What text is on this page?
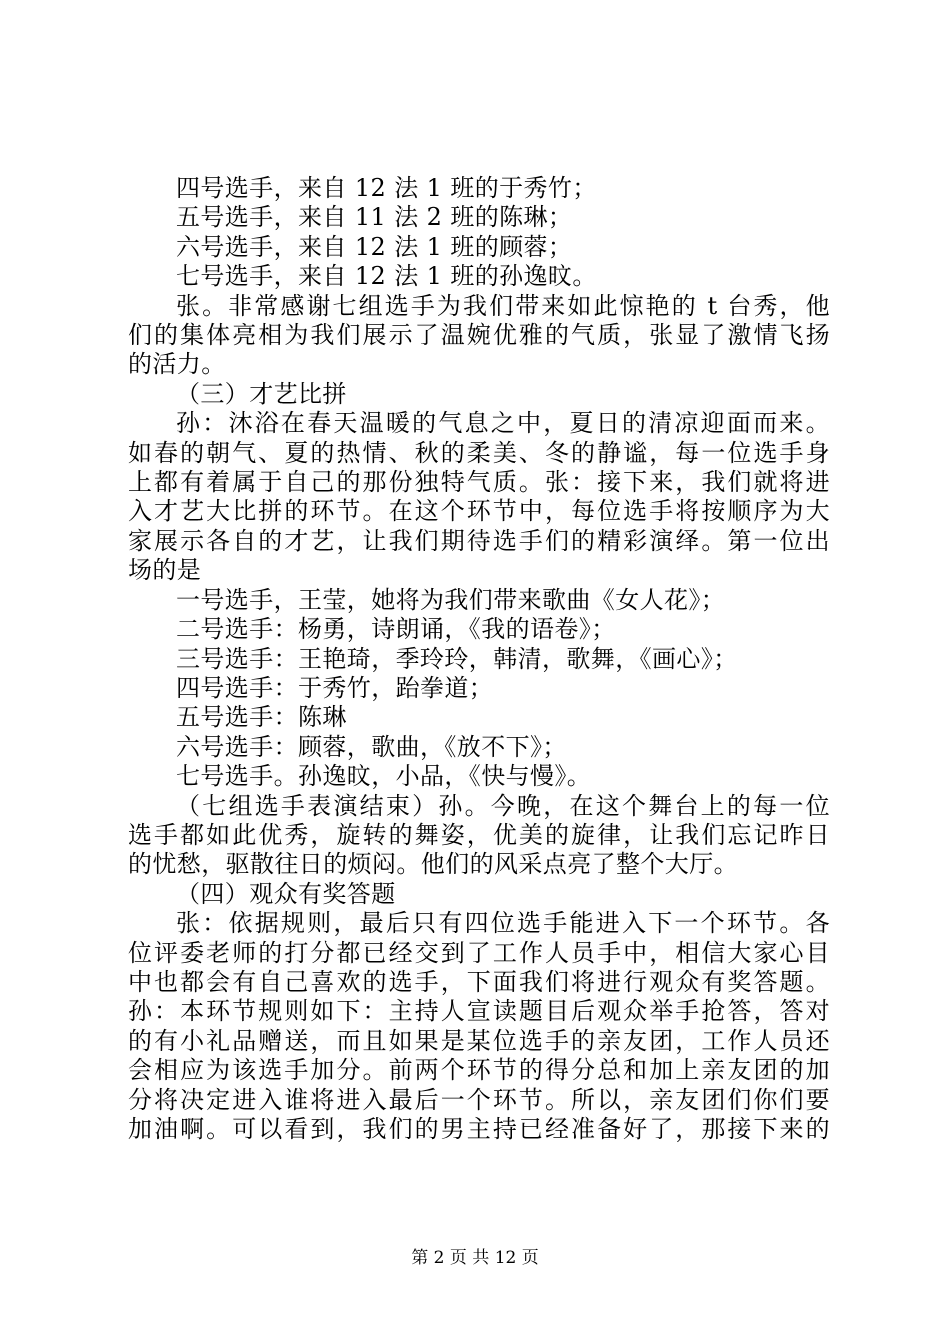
四号选手，来自 12 法 1 班的于秀竹；
五号选手，来自 11 法 2 班的陈琳；
六号选手，来自 12 法 1 班的顾蓉；
七号选手，来自 12 法 1 班的孙逸旼。
张。非常感谢七组选手为我们带来如此惊艳的 t 台秀，他
们的集体亮相为我们展示了温婉优雅的气质，张显了激情飞扬
的活力。
（三）才艺比拼
孙：沐浴在春天温暖的气息之中，夏日的清凉迎面而来。
如春的朝气、夏的热情、秋的柔美、冬的静谧，每一位选手身
上都有着属于自己的那份独特气质。张：接下来，我们就将进
入才艺大比拼的环节。在这个环节中，每位选手将按顺序为大
家展示各自的才艺，让我们期待选手们的精彩演绎。第一位出
场的是
一号选手，王莹，她将为我们带来歌曲《女人花》；
二号选手：杨勇，诗朗诵，《我的语卷》；
三号选手：王艳琦，季玲玲，韩清，歌舞，《画心》；
四号选手：于秀竹，跆拳道；
五号选手：陈琳
六号选手：顾蓉，歌曲，《放不下》；
七号选手。孙逸旼，小品，《快与慢》。
（七组选手表演结束）孙。今晚，在这个舞台上的每一位
选手都如此优秀，旋转的舞姿，优美的旋律，让我们忘记昨日
的忧愁，驱散往日的烦闷。他们的风采点亮了整个大厅。
（四）观众有奖答题
张：依据规则，最后只有四位选手能进入下一个环节。各
位评委老师的打分都已经交到了工作人员手中，相信大家心目
中也都会有自己喜欢的选手，下面我们将进行观众有奖答题。
孙：本环节规则如下：主持人宣读题目后观众举手抢答，答对
的有小礼品赠送，而且如果是某位选手的亲友团，工作人员还
会相应为该选手加分。前两个环节的得分总和加上亲友团的加
分将决定进入谁将进入最后一个环节。所以，亲友团们你们要
加油啊。可以看到，我们的男主持已经准备好了，那接下来的
第 2 页 共 12 页
